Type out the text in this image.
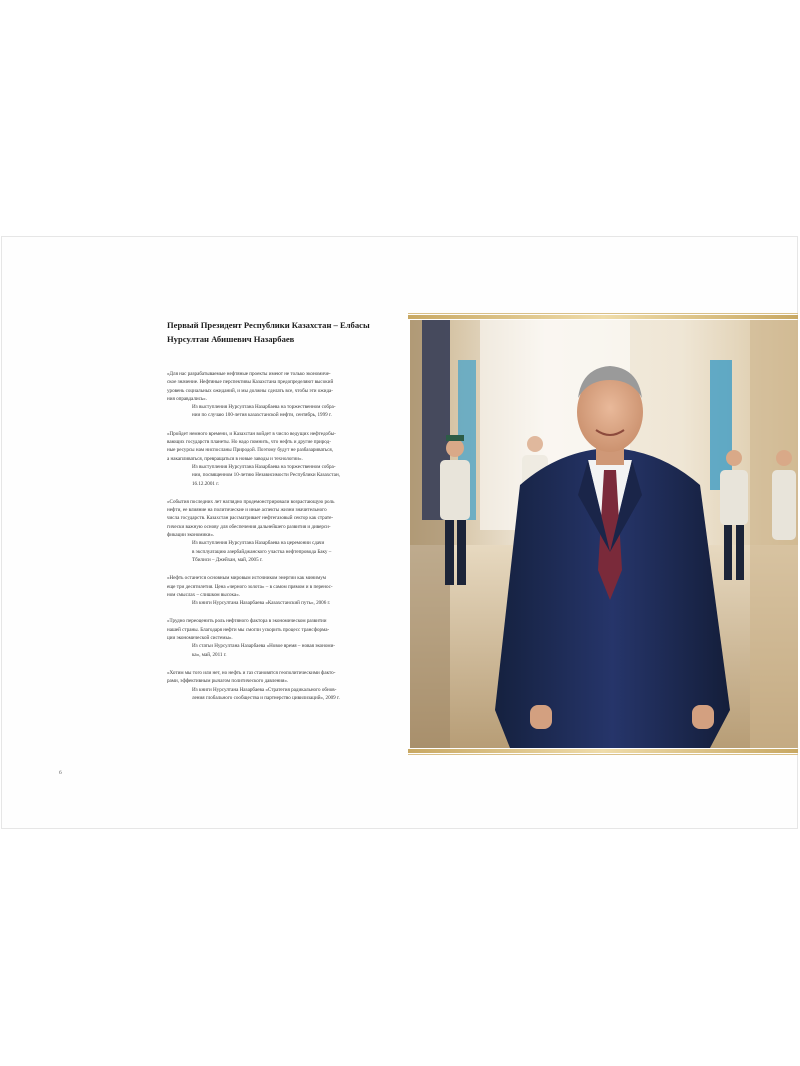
Первый Президент Республики Казахстан – Елбасы
Нурсултан Абишевич Назарбаев

«Для нас разрабатываемые нефтяные проекты имеют не только экономиче-

ское значение. Нефтяные перспективы Казахстана предопределяют высокий

уровень социальных ожиданий, и мы должны сделать все, чтобы эти ожида-

ния оправдались».

Из выступления Нурсултана Назарбаева на торжественном собра-

нии по случаю 100-летия казахстанской нефти, сентябрь, 1999 г.

«Пройдет немного времени, и Казахстан войдет в число ведущих нефтедобы-

вающих государств планеты. Но надо помнить, что нефть и другие природ-

ные ресурсы нам ниспосланы Природой. Поэтому будут не разбазариваться,

а накапливаться, превращаться в новые заводы и технологии».

Из выступления Нурсултана Назарбаева на торжественном собра-

нии, посвященном 10-летию Независимости Республики Казахстан,

16.12.2001 г.

«События последних лет наглядно продемонстрировали возрастающую роль

нефти, ее влияние на политические и иные аспекты жизни значительного

числа государств. Казахстан рассматривает нефтегазовый сектор как страте-

гически важную основу для обеспечения дальнейшего развития и диверси-

фикации экономики».

Из выступления Нурсултана Назарбаева на церемонии сдачи

в эксплуатацию азербайджанского участка нефтепровода Баку –

Тбилиси – Джейхан, май, 2005 г.

«Нефть останется основным мировым источником энергии как минимум

еще три десятилетия. Цена «черного золота» – в самом прямом и в перенос-

ном смыслах – слишком высока».

Из книги Нурсултана Назарбаева «Казахстанский путь», 2006 г.

«Трудно переоценить роль нефтяного фактора в экономическом развитии

нашей страны. Благодаря нефти мы смогли ускорить процесс трансформа-

ции экономической системы».

Из статьи Нурсултана Назарбаева «Новое время – новая экономи-

ка», май, 2011 г.

«Хотим мы того или нет, но нефть и газ становятся геополитическими факто-

рами, эффективным рычагом политического давления».

Из книги Нурсултана Назарбаева «Стратегия радикального обнов-

ления глобального сообщества и партнерство цивилизаций», 2009 г.

6
